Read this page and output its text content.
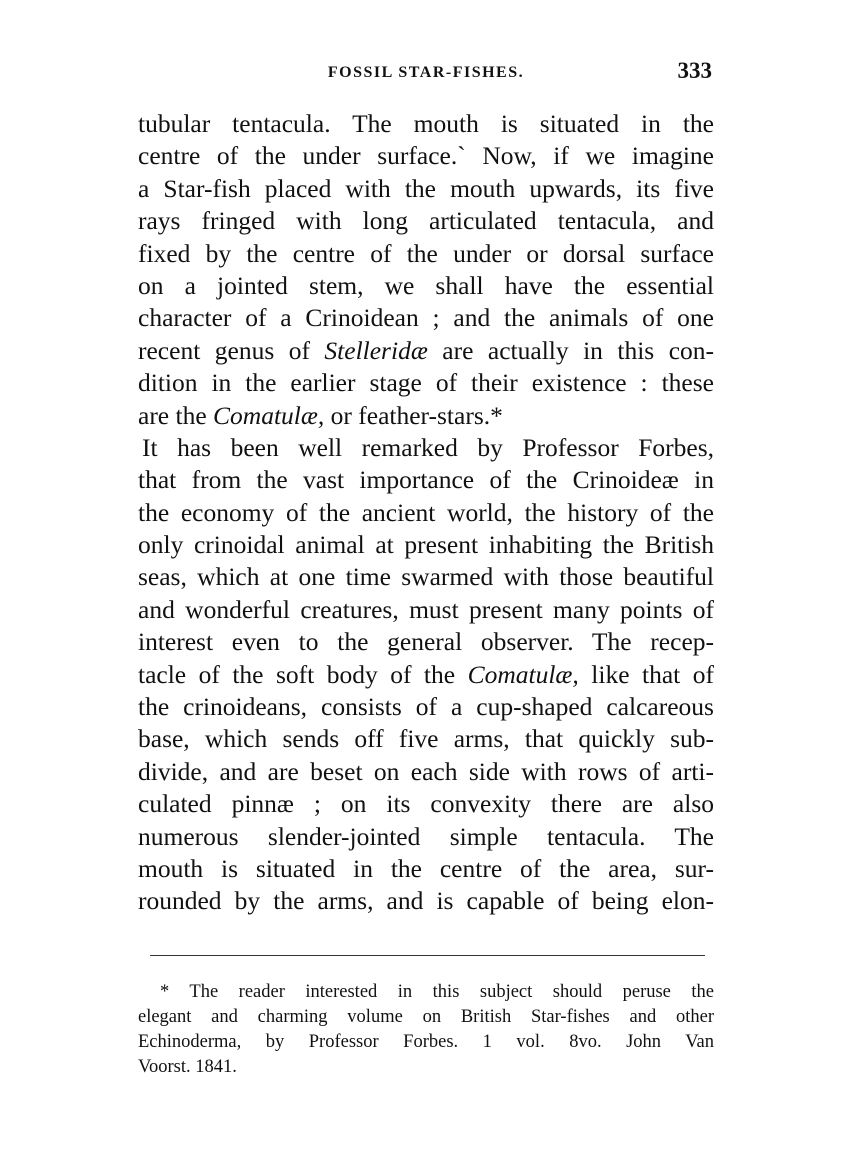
FOSSIL STAR-FISHES.	333
tubular tentacula. The mouth is situated in the
centre of the under surface.` Now, if we imagine
a Star-fish placed with the mouth upwards, its five
rays fringed with long articulated tentacula, and
fixed by the centre of the under or dorsal surface
on a jointed stem, we shall have the essential
character of a Crinoidean ; and the animals of one
recent genus of Stelleridæ are actually in this con-
dition in the earlier stage of their existence : these
are the Comatulæ, or feather-stars.*
It has been well remarked by Professor Forbes,
that from the vast importance of the Crinoideæ in
the economy of the ancient world, the history of the
only crinoidal animal at present inhabiting the British
seas, which at one time swarmed with those beautiful
and wonderful creatures, must present many points of
interest even to the general observer. The recep-
tacle of the soft body of the Comatulæ, like that of
the crinoideans, consists of a cup-shaped calcareous
base, which sends off five arms, that quickly sub-
divide, and are beset on each side with rows of arti-
culated pinnæ ; on its convexity there are also
numerous slender-jointed simple tentacula. The
mouth is situated in the centre of the area, sur-
rounded by the arms, and is capable of being elon-
* The reader interested in this subject should peruse the
elegant and charming volume on British Star-fishes and other
Echinoderma, by Professor Forbes. 1 vol. 8vo. John Van
Voorst. 1841.
